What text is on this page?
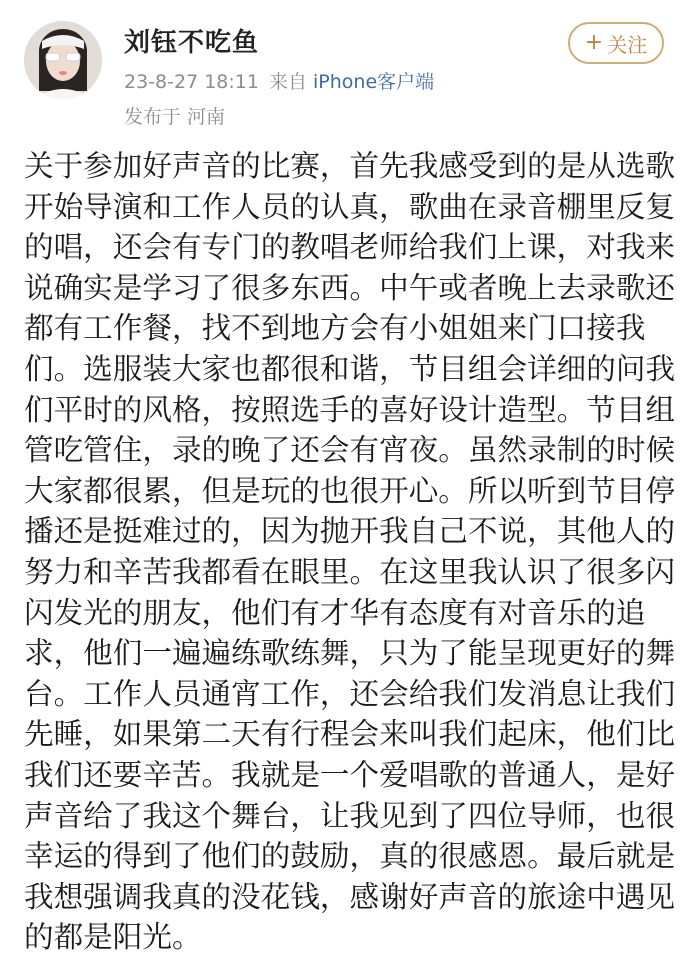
刘钰不吃鱼
23-8-27 18:11 来自 iPhone客户端
发布于 河南
+ 关注
关于参加好声音的比赛，首先我感受到的是从选歌
开始导演和工作人员的认真，歌曲在录音棚里反复
的唱，还会有专门的教唱老师给我们上课，对我来
说确实是学习了很多东西。中午或者晚上去录歌还
都有工作餐，找不到地方会有小姐姐来门口接我
们。选服装大家也都很和谐，节目组会详细的问我
们平时的风格，按照选手的喜好设计造型。节目组
管吃管住，录的晚了还会有宵夜。虽然录制的时候
大家都很累，但是玩的也很开心。所以听到节目停
播还是挺难过的，因为抛开我自己不说，其他人的
努力和辛苦我都看在眼里。在这里我认识了很多闪
闪发光的朋友，他们有才华有态度有对音乐的追
求，他们一遍遍练歌练舞，只为了能呈现更好的舞
台。工作人员通宵工作，还会给我们发消息让我们
先睡，如果第二天有行程会来叫我们起床，他们比
我们还要辛苦。我就是一个爱唱歌的普通人，是好
声音给了我这个舞台，让我见到了四位导师，也很
幸运的得到了他们的鼓励，真的很感恩。最后就是
我想强调我真的没花钱，感谢好声音的旅途中遇见
的都是阳光。
